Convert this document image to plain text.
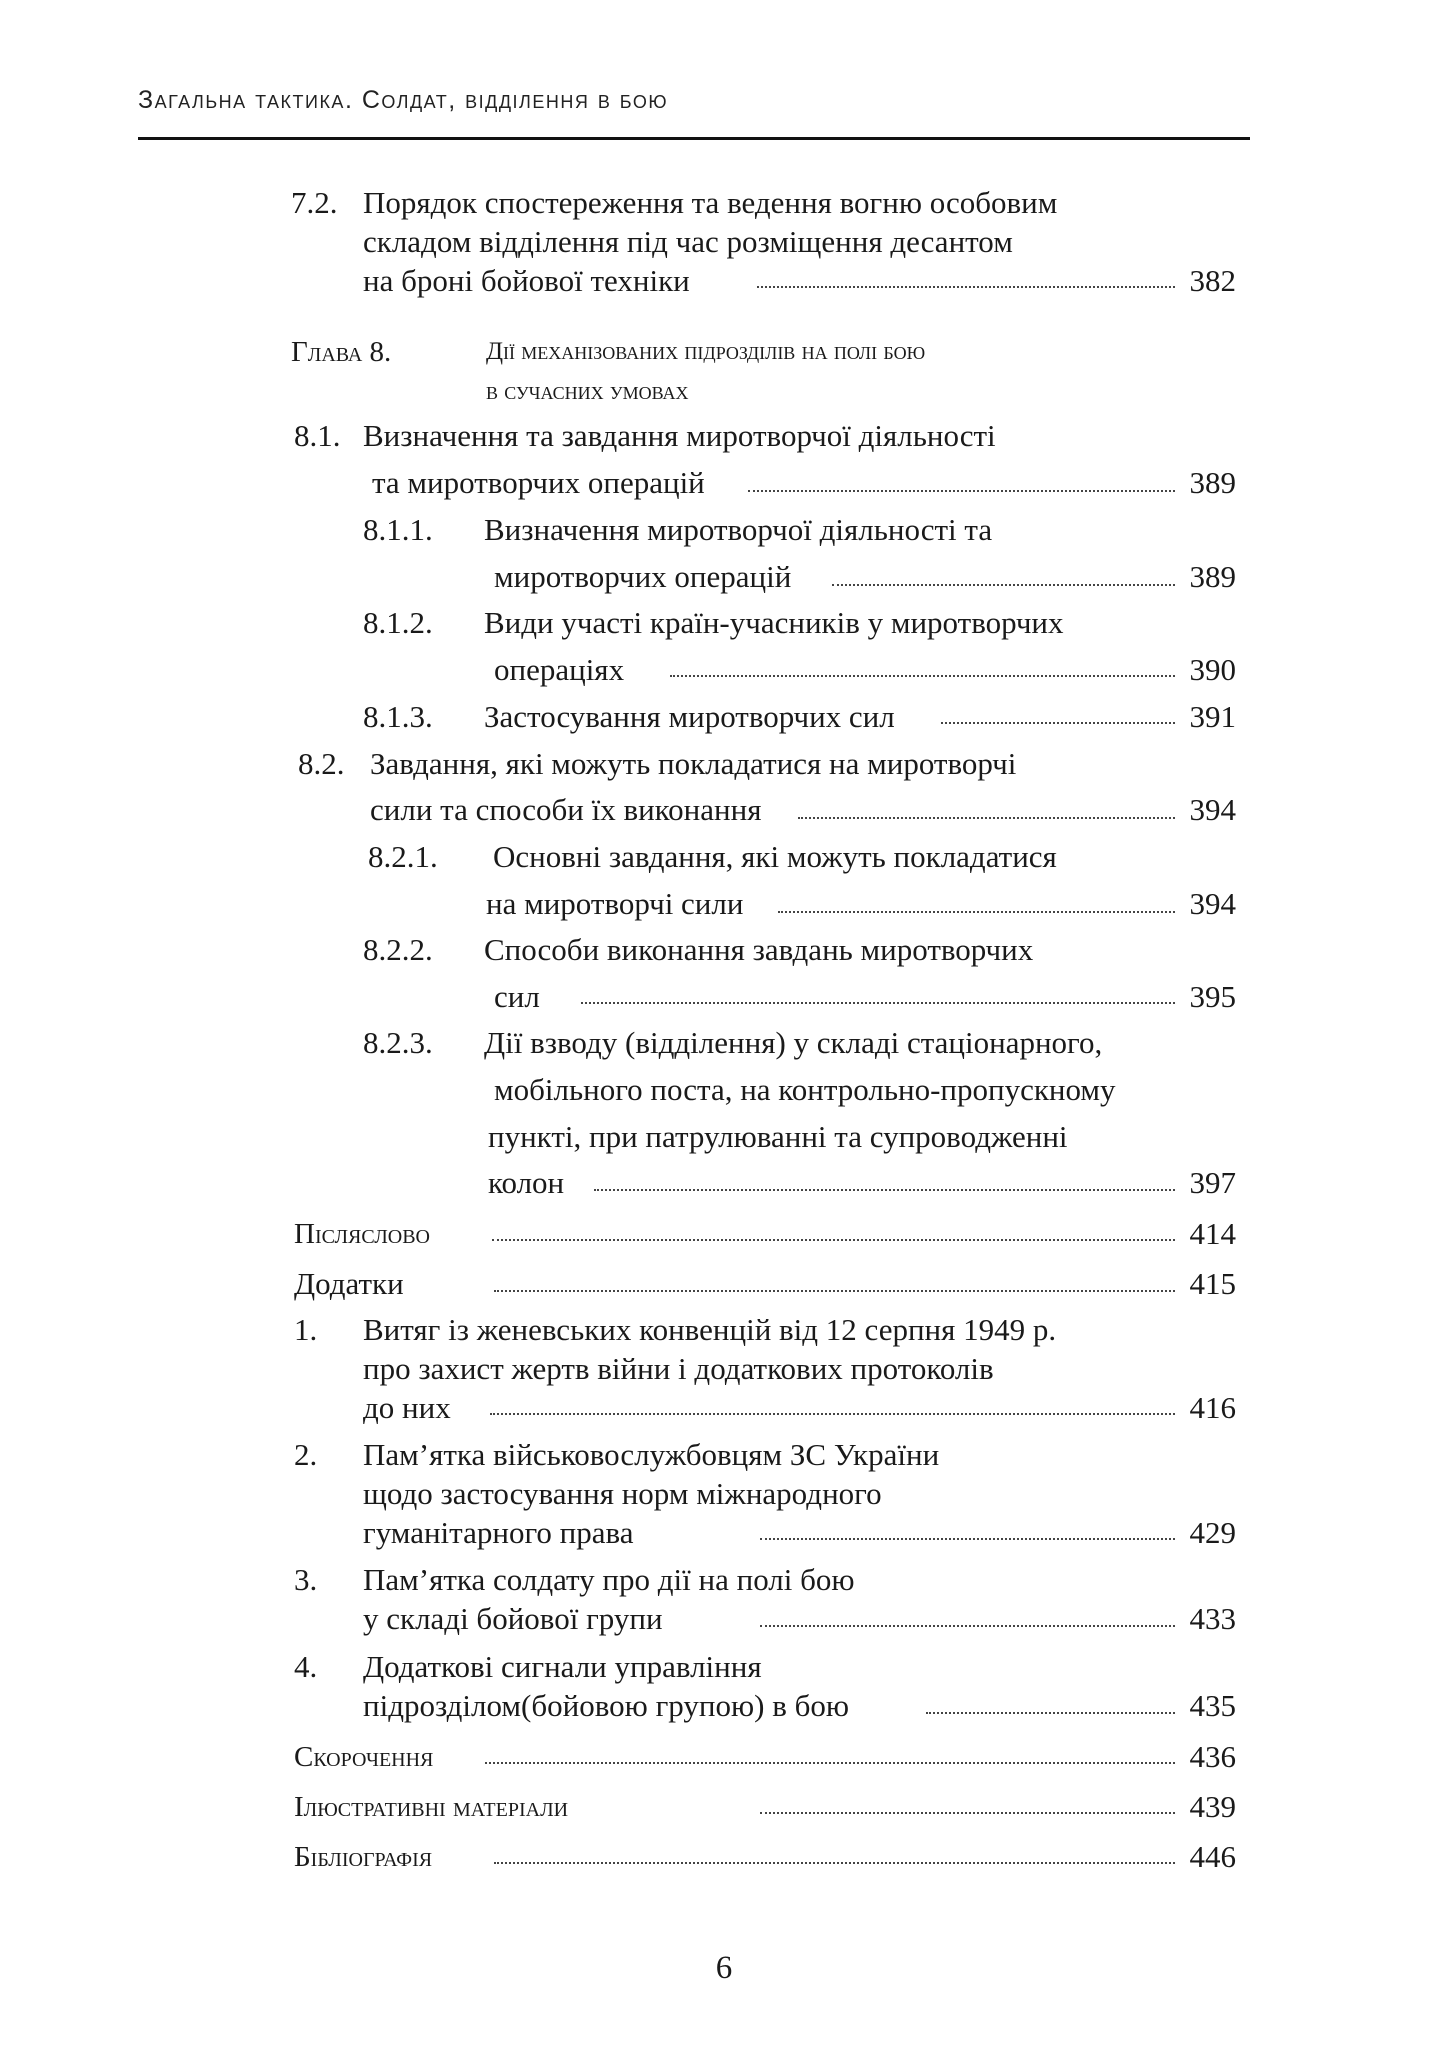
Загальна тактика. Солдат, відділення в бою
7.2. Порядок спостереження та ведення вогню особовим
складом відділення під час розміщення десантом
на броні бойової техніки	382
Глава 8.	Дії механізованих підрозділів на полі бою
в сучасних умовах
8.1. Визначення та завдання миротворчої діяльності
та миротворчих операцій	389
8.1.1. Визначення миротворчої діяльності та
миротворчих операцій	389
8.1.2. Види участі країн-учасників у миротворчих
операціях	390
8.1.3. Застосування миротворчих сил	391
8.2. Завдання, які можуть покладатися на миротворчі
сили та способи їх виконання	394
8.2.1. Основні завдання, які можуть покладатися
на миротворчі сили	394
8.2.2. Способи виконання завдань миротворчих
сил	395
8.2.3. Дії взводу (відділення) у складі стаціонарного,
мобільного поста, на контрольно-пропускному
пункті, при патрулюванні та супроводженні
колон	397
Післяслово	414
Додатки	415
1. Витяг із женевських конвенцій від 12 серпня 1949 р.
про захист жертв війни і додаткових протоколів
до них	416
2. Пам’ятка військовослужбовцям ЗС України
щодо застосування норм міжнародного
гуманітарного права	429
3. Пам’ятка солдату про дії на полі бою
у складі бойової групи	433
4. Додаткові сигнали управління
підрозділом(бойовою групою) в бою	435
Скорочення	436
Ілюстративні матеріали	439
Бібліографія	446
6
